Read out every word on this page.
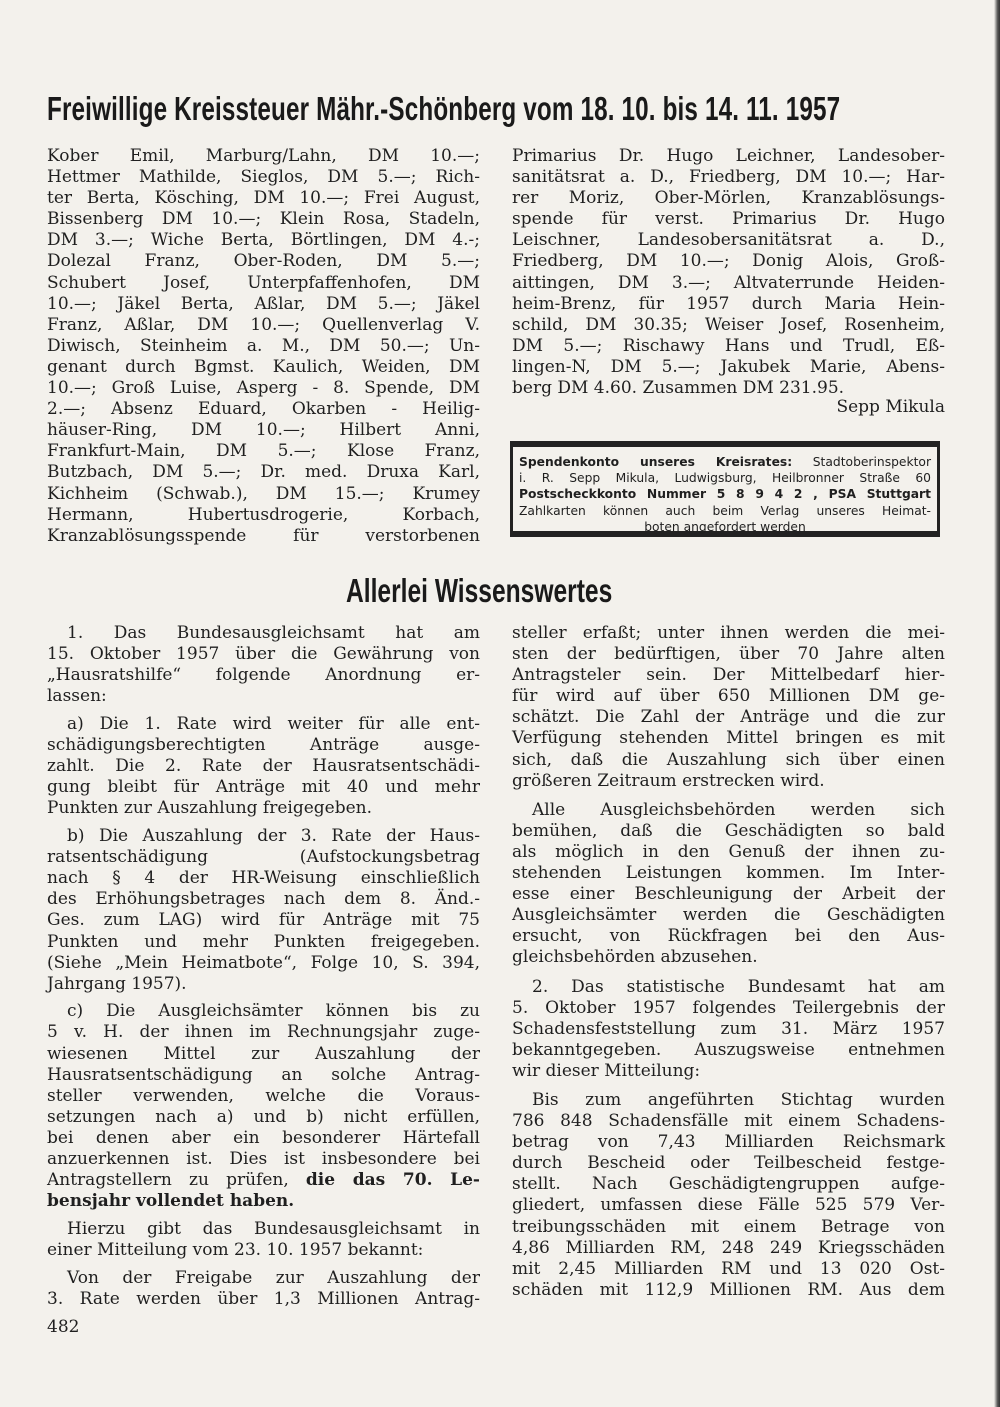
Freiwillige Kreissteuer Mähr.-Schönberg vom 18. 10. bis 14. 11. 1957
Kober Emil, Marburg/Lahn, DM 10.—;
Hettmer Mathilde, Sieglos, DM 5.—; Rich-
ter Berta, Kösching, DM 10.—; Frei August,
Bissenberg DM 10.—; Klein Rosa, Stadeln,
DM 3.—; Wiche Berta, Börtlingen, DM 4.-;
Dolezal Franz, Ober-Roden, DM 5.—;
Schubert Josef, Unterpfaffenhofen, DM
10.—; Jäkel Berta, Aßlar, DM 5.—; Jäkel
Franz, Aßlar, DM 10.—; Quellenverlag V.
Diwisch, Steinheim a. M., DM 50.—; Un-
genant durch Bgmst. Kaulich, Weiden, DM
10.—; Groß Luise, Asperg - 8. Spende, DM
2.—; Absenz Eduard, Okarben - Heilig-
häuser-Ring, DM 10.—; Hilbert Anni,
Frankfurt-Main, DM 5.—; Klose Franz,
Butzbach, DM 5.—; Dr. med. Druxa Karl,
Kichheim (Schwab.), DM 15.—; Krumey
Hermann, Hubertusdrogerie, Korbach,
Kranzablösungsspende für verstorbenen
Primarius Dr. Hugo Leichner, Landesober-
sanitätsrat a. D., Friedberg, DM 10.—; Har-
rer Moriz, Ober-Mörlen, Kranzablösungs-
spende für verst. Primarius Dr. Hugo
Leischner, Landesobersanitätsrat a. D.,
Friedberg, DM 10.—; Donig Alois, Groß-
aittingen, DM 3.—; Altvaterrunde Heiden-
heim-Brenz, für 1957 durch Maria Hein-
schild, DM 30.35; Weiser Josef, Rosenheim,
DM 5.—; Rischawy Hans und Trudl, Eß-
lingen-N, DM 5.—; Jakubek Marie, Abens-
berg DM 4.60. Zusammen DM 231.95.
Sepp Mikula
Spendenkonto unseres Kreisrates: Stadtoberinspektor
i. R. Sepp Mikula, Ludwigsburg, Heilbronner Straße 60
Postscheckkonto Nummer 5 8 9 4 2 , PSA Stuttgart
Zahlkarten können auch beim Verlag unseres Heimat-
boten angefordert werden
Allerlei Wissenswertes
1. Das Bundesausgleichsamt hat am
15. Oktober 1957 über die Gewährung von
„Hausratshilfe“ folgende Anordnung er-
lassen:
a) Die 1. Rate wird weiter für alle ent-
schädigungsberechtigten Anträge ausge-
zahlt. Die 2. Rate der Hausratsentschädi-
gung bleibt für Anträge mit 40 und mehr
Punkten zur Auszahlung freigegeben.
b) Die Auszahlung der 3. Rate der Haus-
ratsentschädigung (Aufstockungsbetrag
nach § 4 der HR-Weisung einschließlich
des Erhöhungsbetrages nach dem 8. Änd.-
Ges. zum LAG) wird für Anträge mit 75
Punkten und mehr Punkten freigegeben.
(Siehe „Mein Heimatbote“, Folge 10, S. 394,
Jahrgang 1957).
c) Die Ausgleichsämter können bis zu
5 v. H. der ihnen im Rechnungsjahr zuge-
wiesenen Mittel zur Auszahlung der
Hausratsentschädigung an solche Antrag-
steller verwenden, welche die Voraus-
setzungen nach a) und b) nicht erfüllen,
bei denen aber ein besonderer Härtefall
anzuerkennen ist. Dies ist insbesondere bei
Antragstellern zu prüfen, die das 70. Le-
bensjahr vollendet haben.
Hierzu gibt das Bundesausgleichsamt in
einer Mitteilung vom 23. 10. 1957 bekannt:
Von der Freigabe zur Auszahlung der
3. Rate werden über 1,3 Millionen Antrag-
steller erfaßt; unter ihnen werden die mei-
sten der bedürftigen, über 70 Jahre alten
Antragsteler sein. Der Mittelbedarf hier-
für wird auf über 650 Millionen DM ge-
schätzt. Die Zahl der Anträge und die zur
Verfügung stehenden Mittel bringen es mit
sich, daß die Auszahlung sich über einen
größeren Zeitraum erstrecken wird.
Alle Ausgleichsbehörden werden sich
bemühen, daß die Geschädigten so bald
als möglich in den Genuß der ihnen zu-
stehenden Leistungen kommen. Im Inter-
esse einer Beschleunigung der Arbeit der
Ausgleichsämter werden die Geschädigten
ersucht, von Rückfragen bei den Aus-
gleichsbehörden abzusehen.
2. Das statistische Bundesamt hat am
5. Oktober 1957 folgendes Teilergebnis der
Schadensfeststellung zum 31. März 1957
bekanntgegeben. Auszugsweise entnehmen
wir dieser Mitteilung:
Bis zum angeführten Stichtag wurden
786 848 Schadensfälle mit einem Schadens-
betrag von 7,43 Milliarden Reichsmark
durch Bescheid oder Teilbescheid festge-
stellt. Nach Geschädigtengruppen aufge-
gliedert, umfassen diese Fälle 525 579 Ver-
treibungsschäden mit einem Betrage von
4,86 Milliarden RM, 248 249 Kriegsschäden
mit 2,45 Milliarden RM und 13 020 Ost-
schäden mit 112,9 Millionen RM. Aus dem
482
